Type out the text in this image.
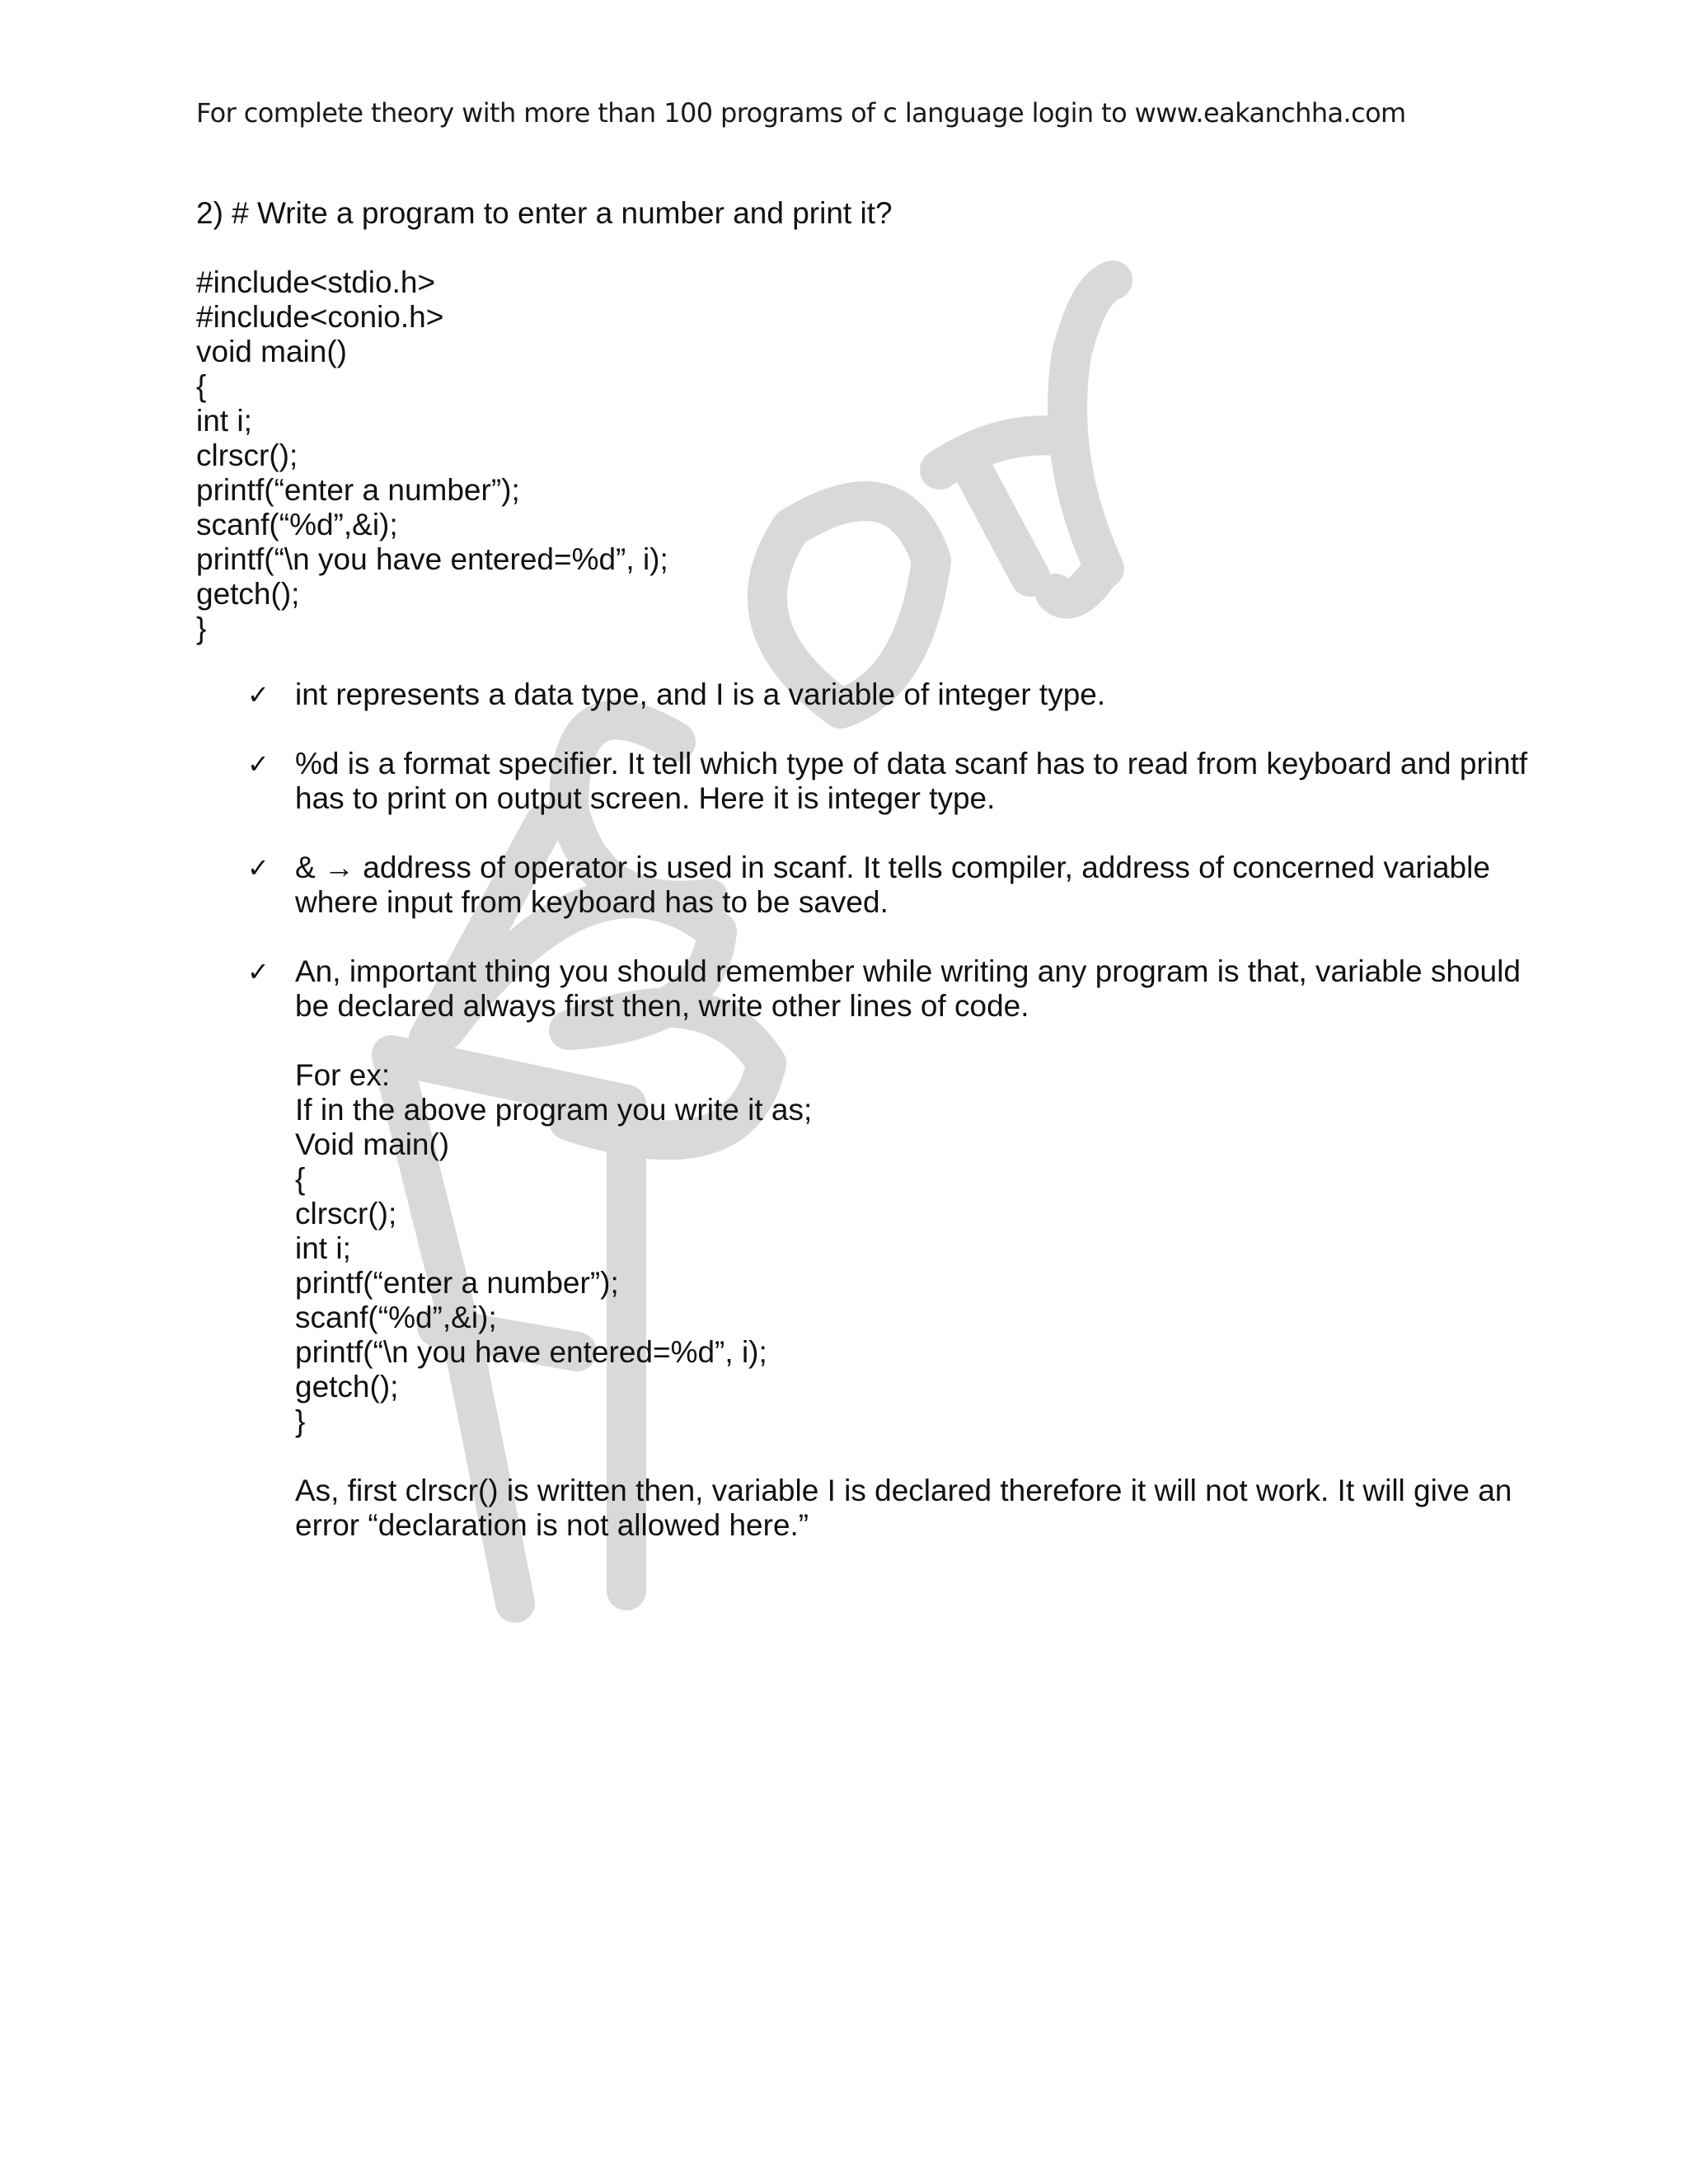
For complete theory with more than 100 programs of c language login to www.eakanchha.com
2) # Write a program to enter a number and print it?
#include<stdio.h>
#include<conio.h>
void main()
{
int i;
clrscr();
printf(“enter a number”);
scanf(“%d”,&i);
printf(“\n you have entered=%d”, i);
getch();
}
✓ int represents a data type, and I is a variable of integer type.
✓ %d is a format specifier. It tell which type of data scanf has to read from keyboard and printf has to print on output screen. Here it is integer type.
✓ & → address of operator is used in scanf. It tells compiler, address of concerned variable where input from keyboard has to be saved.
✓ An, important thing you should remember while writing any program is that, variable should be declared always first then, write other lines of code.
For ex:
If in the above program you write it as;
Void main()
{
clrscr();
int i;
printf(“enter a number”);
scanf(“%d”,&i);
printf(“\n you have entered=%d”, i);
getch();
}
As, first clrscr() is written then, variable I is declared therefore it will not work. It will give an error “declaration is not allowed here.”
